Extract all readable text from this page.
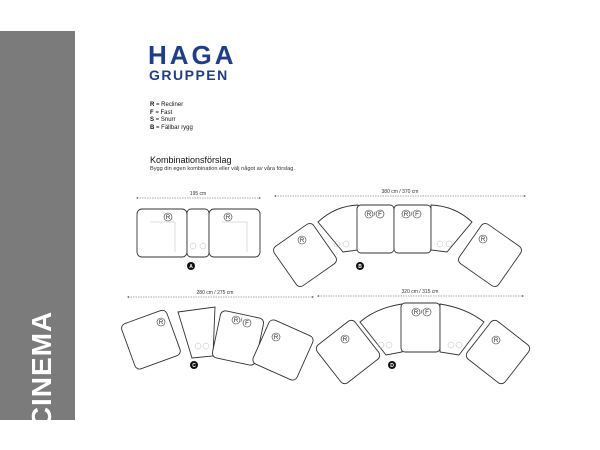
CINEMA
HAGA
GRUPPEN
R = Recliner
F = Fast
S = Snurr
B = Fällbar rygg
Kombinationsförslag
Bygg din egen kombination eller välj något av våra förslag.
195 cm
R	R
A
380 cm / 370 cm
R
R / F	R / F
R
B
280 cm / 275 cm
R	R / F
R
C
320 cm / 315 cm
R
R / F
R
D
